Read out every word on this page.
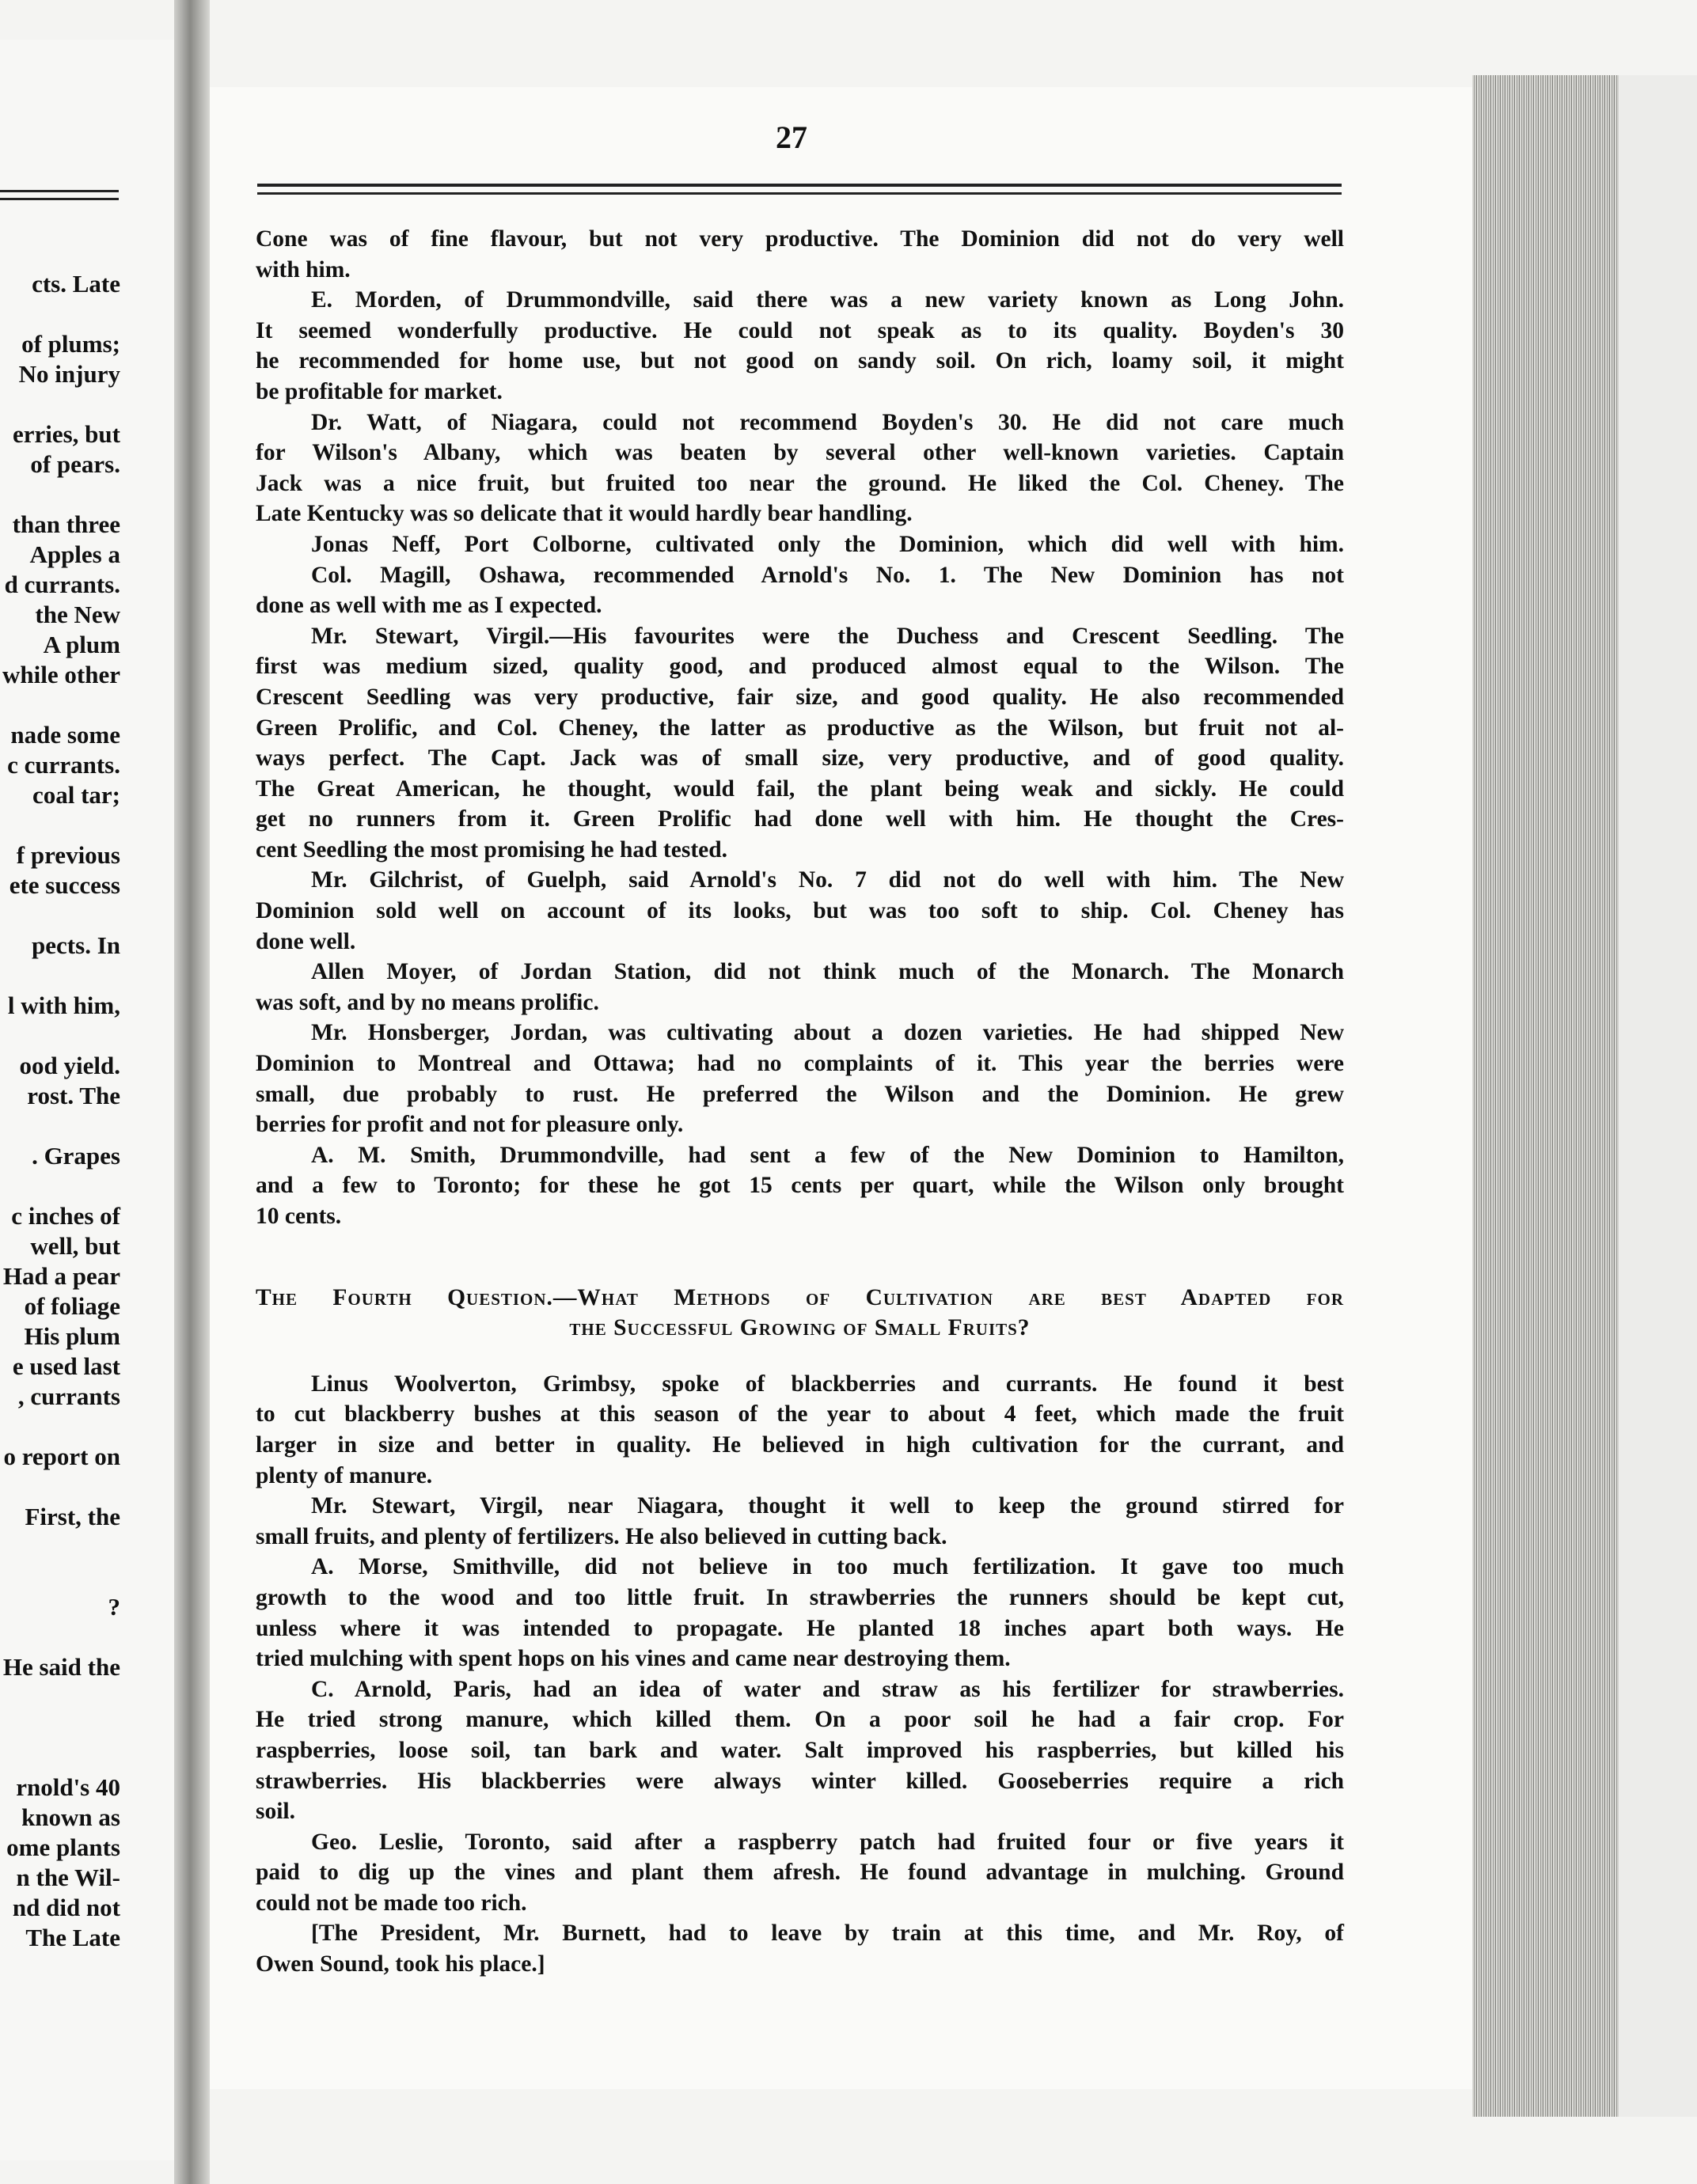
cts. Late
of plums;
No injury
erries, but
of pears.
than three
Apples a
d currants.
the New
A plum
while other
nade some
c currants.
coal tar;
f previous
ete success
pects. In
l with him,
ood yield.
rost. The
. Grapes
c inches of
well, but
Had a pear
of foliage
His plum
e used last
, currants
o report on
First, the
?
He said the
rnold's 40
known as
ome plants
n the Wil-
nd did not
The Late
27
Cone was of fine flavour, but not very productive. The Dominion did not do very well
with him.
E. Morden, of Drummondville, said there was a new variety known as Long John.
It seemed wonderfully productive. He could not speak as to its quality. Boyden's 30
he recommended for home use, but not good on sandy soil. On rich, loamy soil, it might
be profitable for market.
Dr. Watt, of Niagara, could not recommend Boyden's 30. He did not care much
for Wilson's Albany, which was beaten by several other well-known varieties. Captain
Jack was a nice fruit, but fruited too near the ground. He liked the Col. Cheney. The
Late Kentucky was so delicate that it would hardly bear handling.
Jonas Neff, Port Colborne, cultivated only the Dominion, which did well with him.
Col. Magill, Oshawa, recommended Arnold's No. 1. The New Dominion has not
done as well with me as I expected.
Mr. Stewart, Virgil.—His favourites were the Duchess and Crescent Seedling. The
first was medium sized, quality good, and produced almost equal to the Wilson. The
Crescent Seedling was very productive, fair size, and good quality. He also recommended
Green Prolific, and Col. Cheney, the latter as productive as the Wilson, but fruit not al-
ways perfect. The Capt. Jack was of small size, very productive, and of good quality.
The Great American, he thought, would fail, the plant being weak and sickly. He could
get no runners from it. Green Prolific had done well with him. He thought the Cres-
cent Seedling the most promising he had tested.
Mr. Gilchrist, of Guelph, said Arnold's No. 7 did not do well with him. The New
Dominion sold well on account of its looks, but was too soft to ship. Col. Cheney has
done well.
Allen Moyer, of Jordan Station, did not think much of the Monarch. The Monarch
was soft, and by no means prolific.
Mr. Honsberger, Jordan, was cultivating about a dozen varieties. He had shipped New
Dominion to Montreal and Ottawa; had no complaints of it. This year the berries were
small, due probably to rust. He preferred the Wilson and the Dominion. He grew
berries for profit and not for pleasure only.
A. M. Smith, Drummondville, had sent a few of the New Dominion to Hamilton,
and a few to Toronto; for these he got 15 cents per quart, while the Wilson only brought
10 cents.
The Fourth Question.—What Methods of Cultivation are best Adapted for
the Successful Growing of Small Fruits?
Linus Woolverton, Grimbsy, spoke of blackberries and currants. He found it best
to cut blackberry bushes at this season of the year to about 4 feet, which made the fruit
larger in size and better in quality. He believed in high cultivation for the currant, and
plenty of manure.
Mr. Stewart, Virgil, near Niagara, thought it well to keep the ground stirred for
small fruits, and plenty of fertilizers. He also believed in cutting back.
A. Morse, Smithville, did not believe in too much fertilization. It gave too much
growth to the wood and too little fruit. In strawberries the runners should be kept cut,
unless where it was intended to propagate. He planted 18 inches apart both ways. He
tried mulching with spent hops on his vines and came near destroying them.
C. Arnold, Paris, had an idea of water and straw as his fertilizer for strawberries.
He tried strong manure, which killed them. On a poor soil he had a fair crop. For
raspberries, loose soil, tan bark and water. Salt improved his raspberries, but killed his
strawberries. His blackberries were always winter killed. Gooseberries require a rich
soil.
Geo. Leslie, Toronto, said after a raspberry patch had fruited four or five years it
paid to dig up the vines and plant them afresh. He found advantage in mulching. Ground
could not be made too rich.
[The President, Mr. Burnett, had to leave by train at this time, and Mr. Roy, of
Owen Sound, took his place.]
